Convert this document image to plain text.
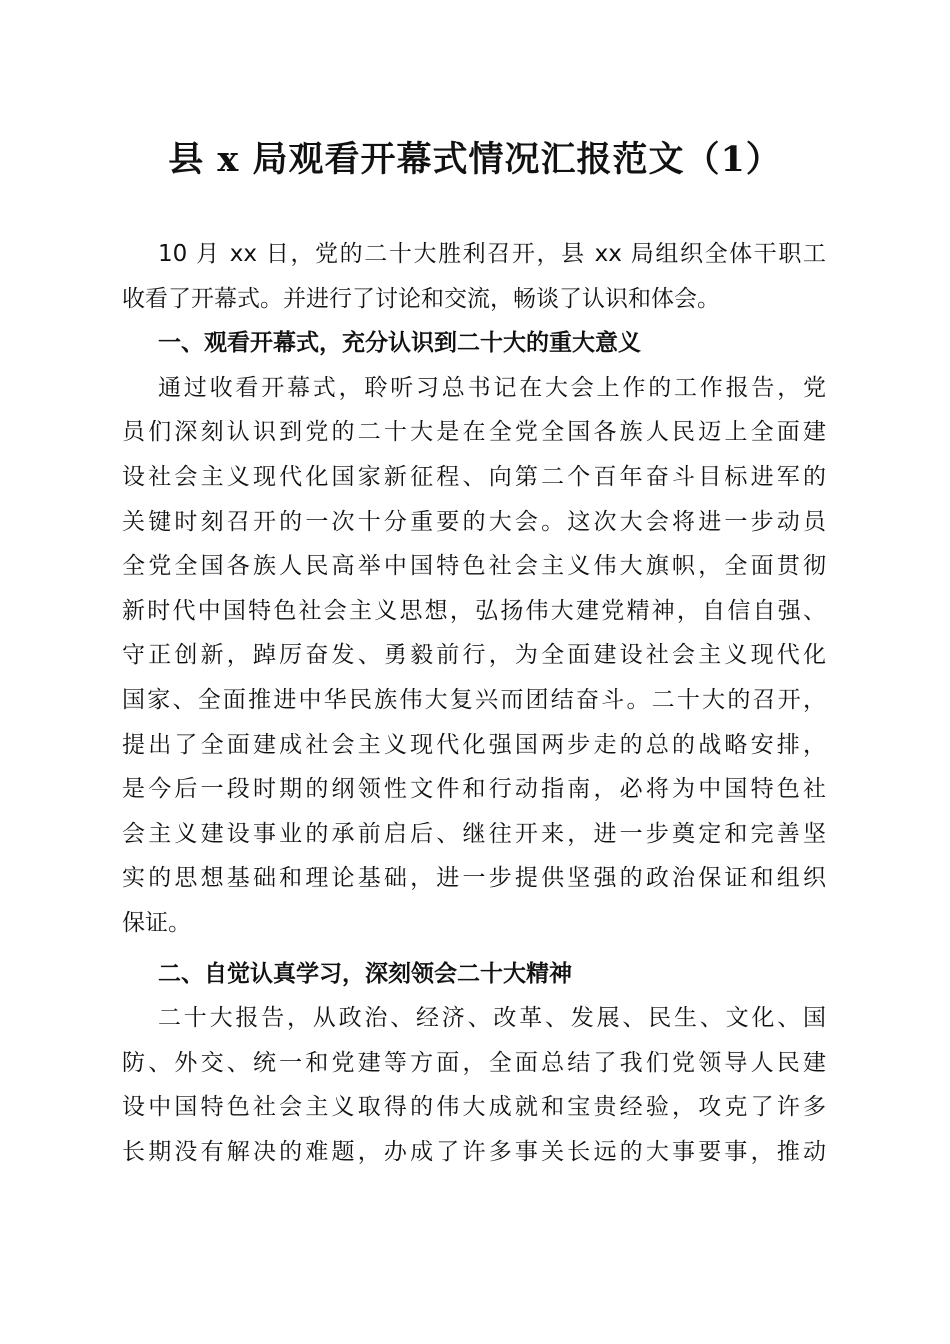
县 x 局观看开幕式情况汇报范文（1）
10 月 xx 日，党的二十大胜利召开，县 xx 局组织全体干职工
收看了开幕式。并进行了讨论和交流，畅谈了认识和体会。
一、观看开幕式，充分认识到二十大的重大意义
通过收看开幕式，聆听习总书记在大会上作的工作报告，党
员们深刻认识到党的二十大是在全党全国各族人民迈上全面建
设社会主义现代化国家新征程、向第二个百年奋斗目标进军的
关键时刻召开的一次十分重要的大会。这次大会将进一步动员
全党全国各族人民高举中国特色社会主义伟大旗帜，全面贯彻
新时代中国特色社会主义思想，弘扬伟大建党精神，自信自强、
守正创新，踔厉奋发、勇毅前行，为全面建设社会主义现代化
国家、全面推进中华民族伟大复兴而团结奋斗。二十大的召开，
提出了全面建成社会主义现代化强国两步走的总的战略安排，
是今后一段时期的纲领性文件和行动指南，必将为中国特色社
会主义建设事业的承前启后、继往开来，进一步奠定和完善坚
实的思想基础和理论基础，进一步提供坚强的政治保证和组织
保证。
二、自觉认真学习，深刻领会二十大精神
二十大报告，从政治、经济、改革、发展、民生、文化、国
防、外交、统一和党建等方面，全面总结了我们党领导人民建
设中国特色社会主义取得的伟大成就和宝贵经验，攻克了许多
长期没有解决的难题，办成了许多事关长远的大事要事，推动
